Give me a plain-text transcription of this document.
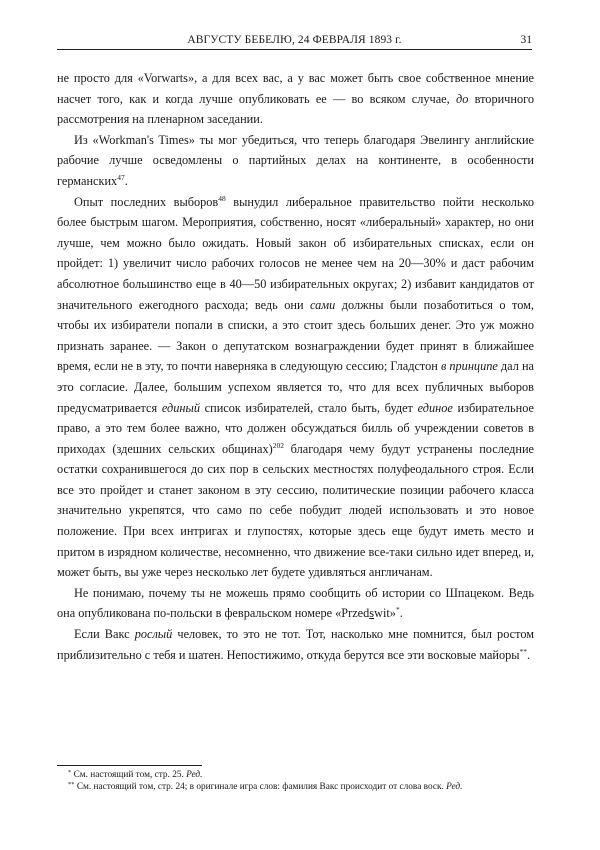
АВГУСТУ БЕБЕЛЮ, 24 ФЕВРАЛЯ 1893 г.	31

не просто для «Vorwarts», а для всех вас, а у вас может быть свое собственное мнение насчет того, как и когда лучше опубликовать ее — во всяком случае, до вторичного рассмотрения на пленарном заседании.

Из «Workman's Times» ты мог убедиться, что теперь благодаря Эвелингу английские рабочие лучше осведомлены о партийных делах на континенте, в особенности германских$^{47}$.

Опыт последних выборов$^{48}$ вынудил либеральное правительство пойти несколько более быстрым шагом. Мероприятия, собственно, носят «либеральный» характер, но они лучше, чем можно было ожидать. Новый закон об избирательных списках, если он пройдет: 1) увеличит число рабочих голосов не менее чем на 20—30% и даст рабочим абсолютное большинство еще в 40—50 избирательных округах; 2) избавит кандидатов от значительного ежегодного расхода; ведь они сами должны были позаботиться о том, чтобы их избиратели попали в списки, а это стоит здесь больших денег. Это уж можно признать заранее. — Закон о депутатском вознаграждении будет принят в ближайшее время, если не в эту, то почти наверняка в следующую сессию; Гладстон в принципе дал на это согласие. Далее, большим успехом является то, что для всех публичных выборов предусматривается единый список избирателей, стало быть, будет единое избирательное право, а это тем более важно, что должен обсуждаться билль об учреждении советов в приходах (здешних сельских общинах)$^{202}$ благодаря чему будут устранены последние остатки сохранившегося до сих пор в сельских местностях полуфеодального строя. Если все это пройдет и станет законом в эту сессию, политические позиции рабочего класса значительно укрепятся, что само по себе побудит людей использовать и это новое положение. При всех интригах и глупостях, которые здесь еще будут иметь место и притом в изрядном количестве, несомненно, что движение все-таки сильно идет вперед, и, может быть, вы уже через несколько лет будете удивляться англичанам.

Не понимаю, почему ты не можешь прямо сообщить об истории со Шпацеком. Ведь она опубликована по-польски в февральском номере «Przedswit»*.

Если Вакс рослый человек, то это не тот. Тот, насколько мне помнится, был ростом приблизительно с тебя и шатен. Непостижимо, откуда берутся все эти восковые майоры**.

* См. настоящий том, стр. 25. Ред.
** См. настоящий том, стр. 24; в оригинале игра слов: фамилия Вакс происходит от слова воск. Ред.
